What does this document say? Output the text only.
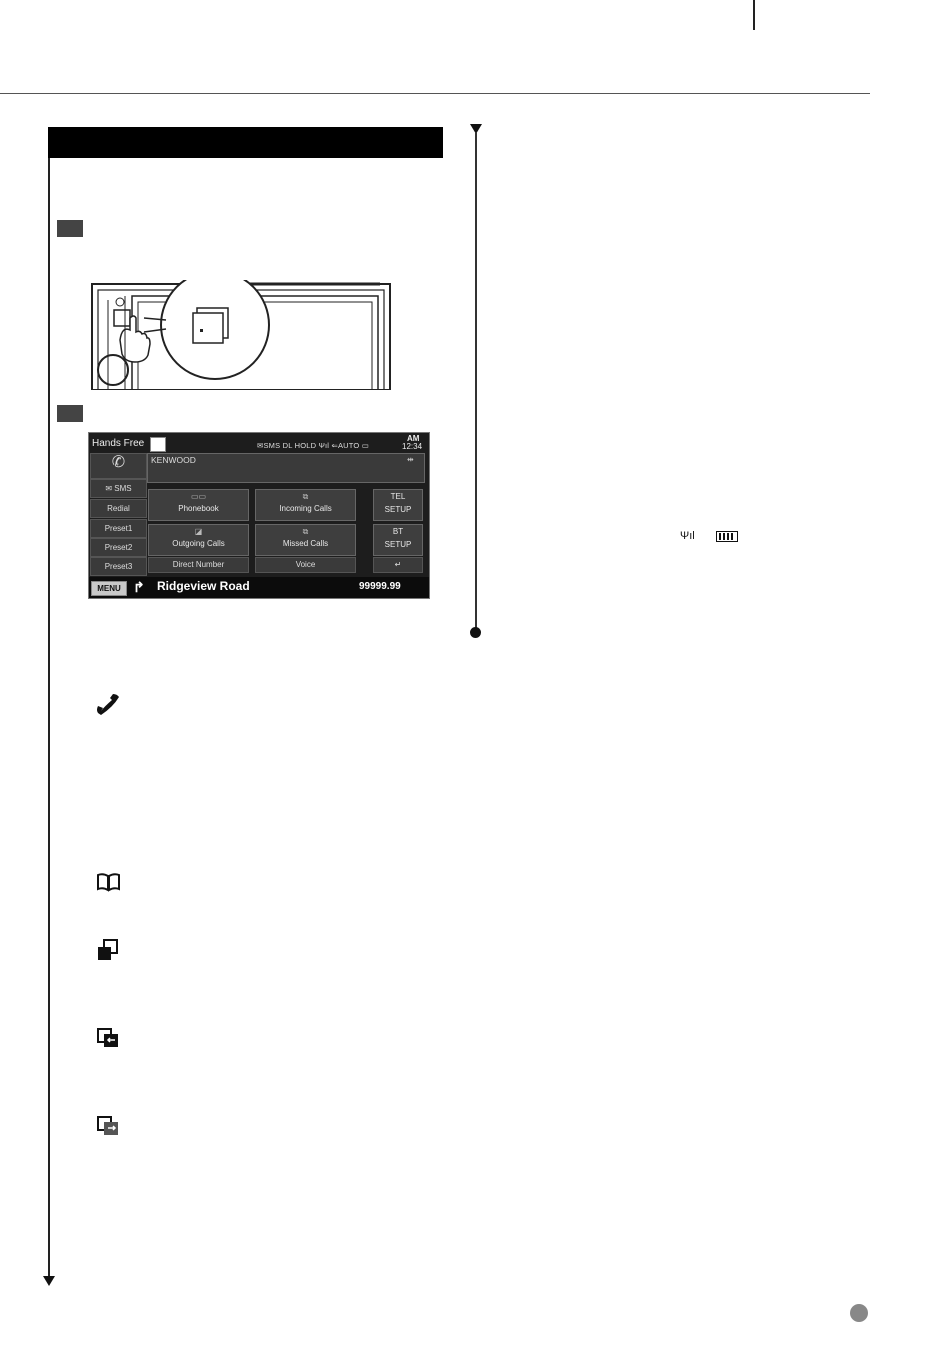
Hands Free	✉SMS DL HOLD Ψıl ⇐AUTO ▭
AM
12:34
KENWOOD	⇹
✆
✉ SMS
Redial
Preset1
Preset2
Preset3
▭▭
Phonebook
⧉
Incoming Calls
◪
Outgoing Calls
⧉
Missed Calls
TEL
SETUP
BT
SETUP
Direct Number	Voice	↵
MENU ↱ Ridgeview Road	99999.99
Ψıl
